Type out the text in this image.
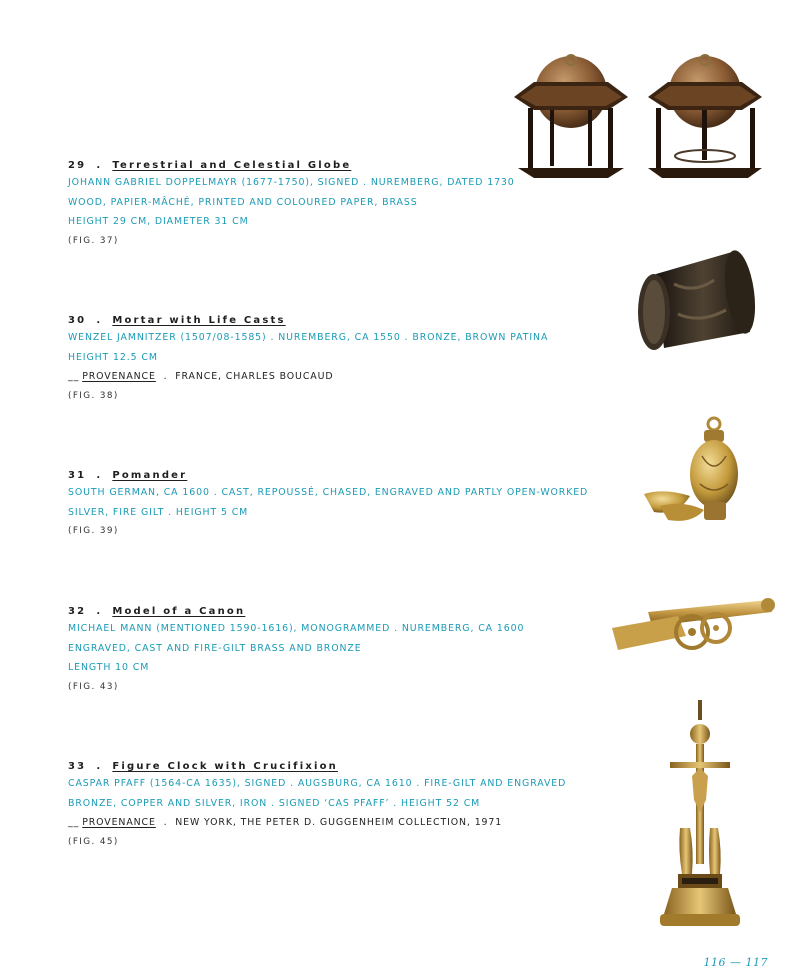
29 . Terrestrial and Celestial Globe
JOHANN GABRIEL DOPPELMAYR (1677-1750), SIGNED . NUREMBERG, DATED 1730
WOOD, PAPIER-MÂCHÉ, PRINTED AND COLOURED PAPER, BRASS
HEIGHT 29 CM, DIAMETER 31 CM
(FIG. 37)
30 . Mortar with Life Casts
WENZEL JAMNITZER (1507/08-1585) . NUREMBERG, CA 1550 . BRONZE, BROWN PATINA
HEIGHT 12.5 CM
__ PROVENANCE  .  FRANCE, CHARLES BOUCAUD
(FIG. 38)
31 . Pomander
SOUTH GERMAN, CA 1600 . CAST, REPOUSSÉ, CHASED, ENGRAVED AND PARTLY OPEN-WORKED
SILVER, FIRE GILT . HEIGHT 5 CM
(FIG. 39)
32 . Model of a Canon
MICHAEL MANN (MENTIONED 1590-1616), MONOGRAMMED . NUREMBERG, CA 1600
ENGRAVED, CAST AND FIRE-GILT BRASS AND BRONZE
LENGTH 10 CM
(FIG. 43)
33 . Figure Clock with Crucifixion
CASPAR PFAFF (1564-CA 1635), SIGNED . AUGSBURG, CA 1610 . FIRE-GILT AND ENGRAVED
BRONZE, COPPER AND SILVER, IRON . SIGNED ‘CAS PFAFF’ . HEIGHT 52 CM
__ PROVENANCE  .  NEW YORK, THE PETER D. GUGGENHEIM COLLECTION, 1971
(FIG. 45)
116 — 117
